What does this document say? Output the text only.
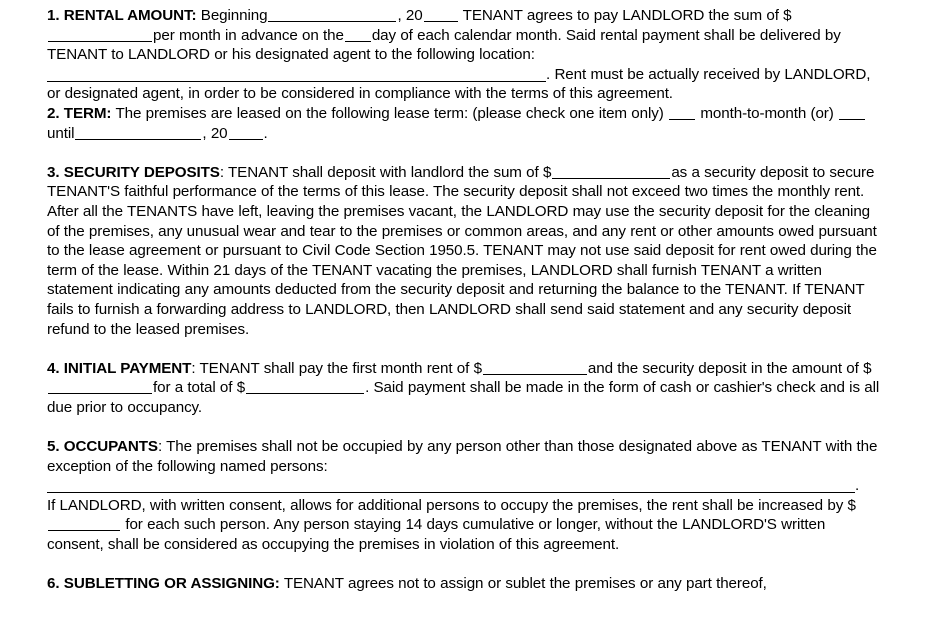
1. RENTAL AMOUNT: Beginning	, 20	TENANT agrees to pay LANDLORD the sum of $per month in advance on the day of each calendar month. Said rental payment shall be delivered by TENANT to LANDLORD or his designated agent to the following location:
. Rent must be actually received by LANDLORD, or designated agent, in order to be considered in compliance with the terms of this agreement.

2. TERM: The premises are leased on the following lease term: (please check one item only) month-to-month (or)  until	, 20 .

3. SECURITY DEPOSITS: TENANT shall deposit with landlord the sum of $	as a security deposit to secure TENANT'S faithful performance of the terms of this lease. The security deposit shall not exceed two times the monthly rent. After all the TENANTS have left, leaving the premises vacant, the LANDLORD may use the security deposit for the cleaning of the premises, any unusual wear and tear to the premises or common areas, and any rent or other amounts owed pursuant to the lease agreement or pursuant to Civil Code Section 1950.5. TENANT may not use said deposit for rent owed during the term of the lease. Within 21 days of the TENANT vacating the premises, LANDLORD shall furnish TENANT a written statement indicating any amounts deducted from the security deposit and returning the balance to the TENANT. If TENANT fails to furnish a forwarding address to LANDLORD, then LANDLORD shall send said statement and any security deposit refund to the leased premises.

4. INITIAL PAYMENT: TENANT shall pay the first month rent of $	and the security deposit in the amount of $for a total of $	. Said payment shall be made in the form of cash or cashier's check and is all due prior to occupancy.

5. OCCUPANTS: The premises shall not be occupied by any person other than those designated above as TENANT with the exception of the following named persons:
.
If LANDLORD, with written consent, allows for additional persons to occupy the premises, the rent shall be increased by $  for each such person. Any person staying 14 days cumulative or longer, without the LANDLORD'S written consent, shall be considered as occupying the premises in violation of this agreement.

6. SUBLETTING OR ASSIGNING: TENANT agrees not to assign or sublet the premises or any part thereof,
